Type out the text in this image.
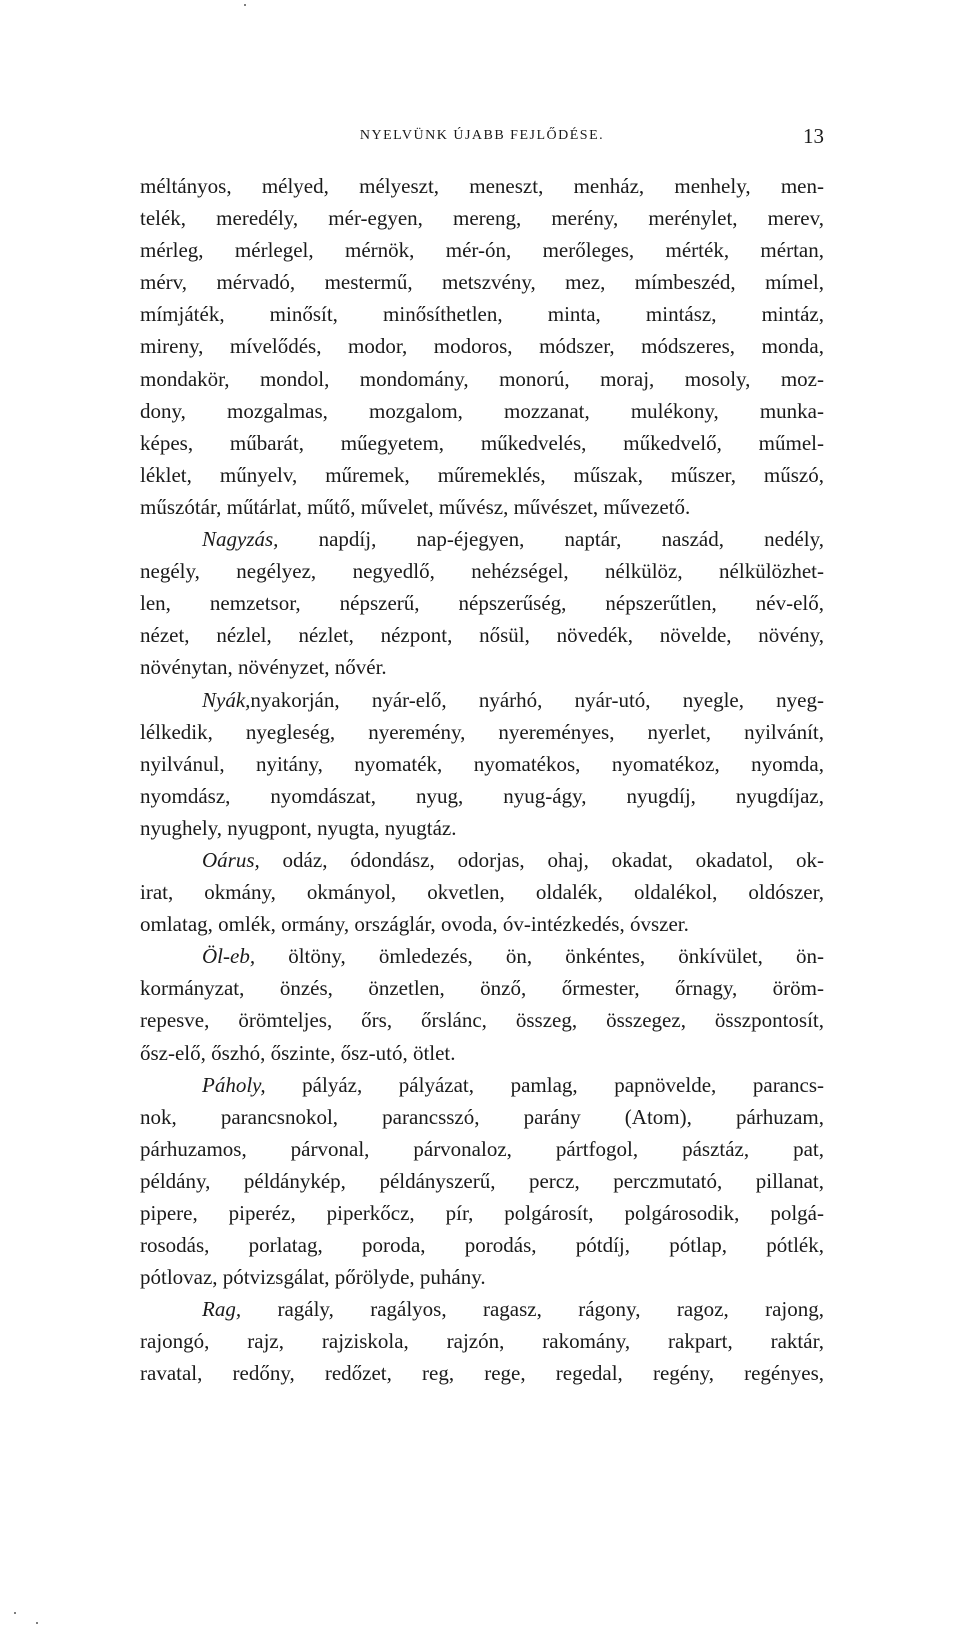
NYELVÜNK ÚJABB FEJLŐDÉSE.	13
méltányos, mélyed, mélyeszt, meneszt, menház, menhely, men-
telék, meredély, mér-egyen, mereng, merény, merénylet, merev,
mérleg, mérlegel, mérnök, mér-ón, merőleges, mérték, mértan,
mérv, mérvadó, mestermű, metszvény, mez, mímbeszéd, mímel,
mímjáték, minősít, minősíthetlen, minta, mintász, mintáz,
mireny, mívelődés, modor, modoros, módszer, módszeres, monda,
mondakör, mondol, mondomány, monorú, moraj, mosoly, moz-
dony, mozgalmas, mozgalom, mozzanat, mulékony, munka-
képes, műbarát, műegyetem, műkedvelés, műkedvelő, műmel-
léklet, műnyelv, műremek, műremeklés, műszak, műszer, műszó,
műszótár, műtárlat, műtő, művelet, művész, művészet, művezető.
Nagyzás, napdíj, nap-éjegyen, naptár, naszád, nedély,
negély, negélyez, negyedlő, nehézségel, nélkülöz, nélkülözhet-
len, nemzetsor, népszerű, népszerűség, népszerűtlen, név-elő,
nézet, nézlel, nézlet, nézpont, nősül, növedék, növelde, növény,
növénytan, növényzet, nővér.
Nyák,nyakorján, nyár-elő, nyárhó, nyár-utó, nyegle, nyeg-
lélkedik, nyegleség, nyeremény, nyereményes, nyerlet, nyilvánít,
nyilvánul, nyitány, nyomaték, nyomatékos, nyomatékoz, nyomda,
nyomdász, nyomdászat, nyug, nyug-ágy, nyugdíj, nyugdíjaz,
nyughely, nyugpont, nyugta, nyugtáz.
Oárus, odáz, ódondász, odorjas, ohaj, okadat, okadatol, ok-
irat, okmány, okmányol, okvetlen, oldalék, oldalékol, oldószer,
omlatag, omlék, ormány, országlár, ovoda, óv-intézkedés, óvszer.
Öl-eb, öltöny, ömledezés, ön, önkéntes, önkívület, ön-
kormányzat, önzés, önzetlen, önző, őrmester, őrnagy, öröm-
repesve, örömteljes, őrs, őrslánc, összeg, összegez, összpontosít,
ősz-elő, őszhó, őszinte, ősz-utó, ötlet.
Páholy, pályáz, pályázat, pamlag, papnövelde, parancs-
nok, parancsnokol, parancsszó, parány (Atom), párhuzam,
párhuzamos, párvonal, párvonaloz, pártfogol, pásztáz, pat,
példány, példánykép, példányszerű, percz, perczmutató, pillanat,
pipere, piperéz, piperkőcz, pír, polgárosít, polgárosodik, polgá-
rosodás, porlatag, poroda, porodás, pótdíj, pótlap, pótlék,
pótlovaz, pótvizsgálat, pőrölyde, puhány.
Rag, ragály, ragályos, ragasz, rágony, ragoz, rajong,
rajongó, rajz, rajziskola, rajzón, rakomány, rakpart, raktár,
ravatal, redőny, redőzet, reg, rege, regedal, regény, regényes,
